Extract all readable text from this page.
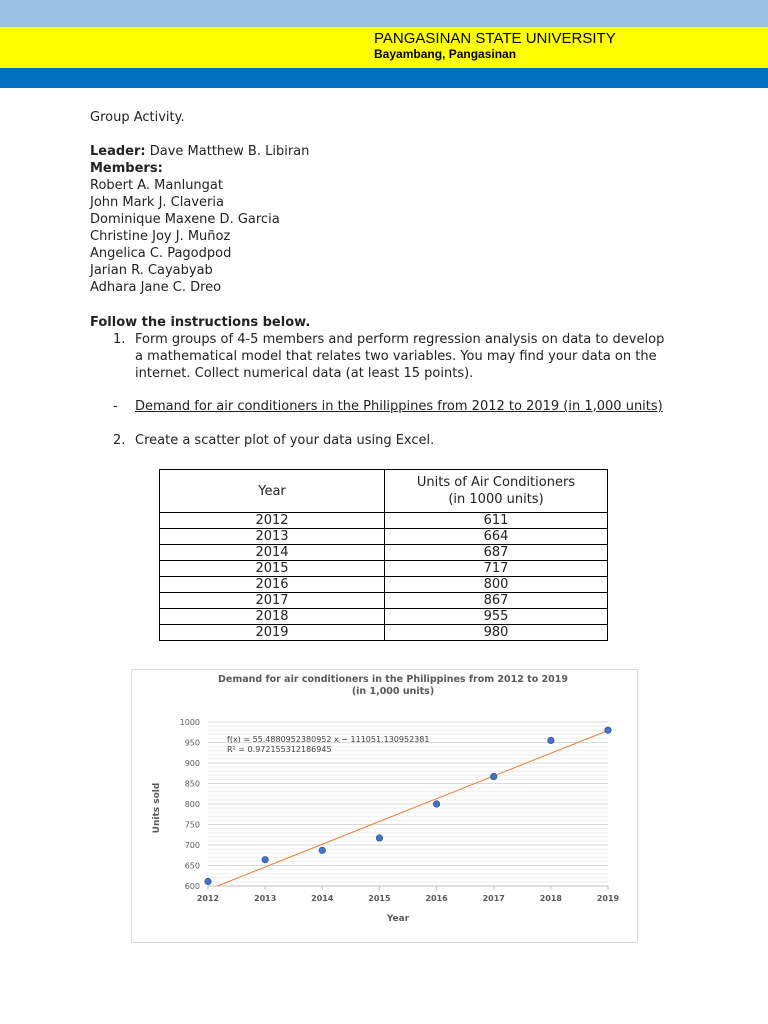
PANGASINAN STATE UNIVERSITY
Bayambang, Pangasinan
Group Activity.
Leader: Dave Matthew B. Libiran
Members:
Robert A. Manlungat
John Mark J. Claveria
Dominique Maxene D. Garcia
Christine Joy J. Muñoz
Angelica C. Pagodpod
Jarian R. Cayabyab
Adhara Jane C. Dreo
Follow the instructions below.
1. Form groups of 4-5 members and perform regression analysis on data to develop
a mathematical model that relates two variables. You may find your data on the
internet. Collect numerical data (at least 15 points).
- Demand for air conditioners in the Philippines from 2012 to 2019 (in 1,000 units)
2. Create a scatter plot of your data using Excel.
Year	Units of Air Conditioners
(in 1000 units)
2012	611
2013	664
2014	687
2015	717
2016	800
2017	867
2018	955
2019	980
Demand for air conditioners in the Philippines from 2012 to 2019
(in 1,000 units)
600
650
700
750
800
850
900
950
1000
2012	2013	2014	2015	2016	2017	2018	2019
f(x) = 55.4880952380952 x − 111051.130952381
R² = 0.972155312186945
Year
Units sold
